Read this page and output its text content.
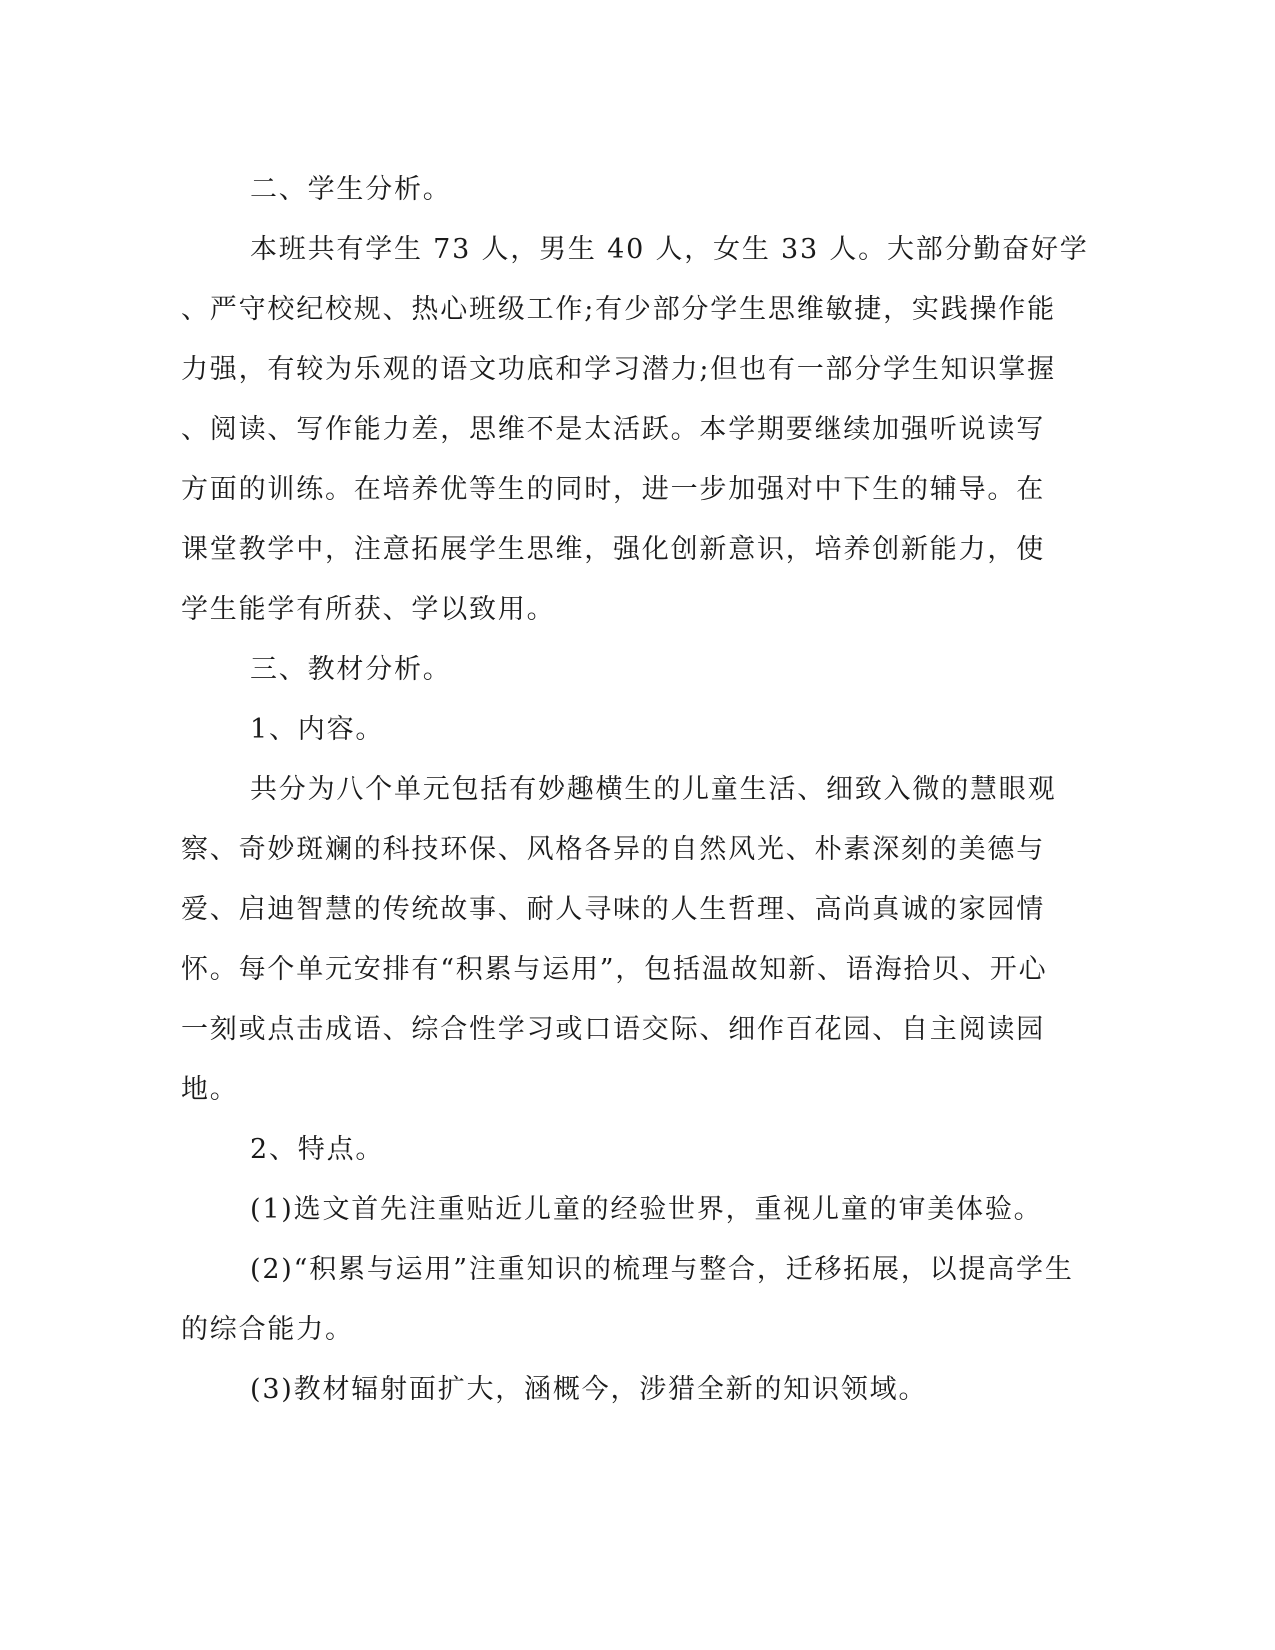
二、学生分析。

本班共有学生 73 人，男生 40 人，女生 33 人。大部分勤奋好学

、严守校纪校规、热心班级工作;有少部分学生思维敏捷，实践操作能

力强，有较为乐观的语文功底和学习潜力;但也有一部分学生知识掌握

、阅读、写作能力差，思维不是太活跃。本学期要继续加强听说读写

方面的训练。在培养优等生的同时，进一步加强对中下生的辅导。在

课堂教学中，注意拓展学生思维，强化创新意识，培养创新能力，使

学生能学有所获、学以致用。

三、教材分析。

1、内容。

共分为八个单元包括有妙趣横生的儿童生活、细致入微的慧眼观

察、奇妙斑斓的科技环保、风格各异的自然风光、朴素深刻的美德与

爱、启迪智慧的传统故事、耐人寻味的人生哲理、高尚真诚的家园情

怀。每个单元安排有“积累与运用”，包括温故知新、语海拾贝、开心

一刻或点击成语、综合性学习或口语交际、细作百花园、自主阅读园

地。

2、特点。

(1)选文首先注重贴近儿童的经验世界，重视儿童的审美体验。

(2)“积累与运用”注重知识的梳理与整合，迁移拓展，以提高学生

的综合能力。

(3)教材辐射面扩大，涵概今，涉猎全新的知识领域。
